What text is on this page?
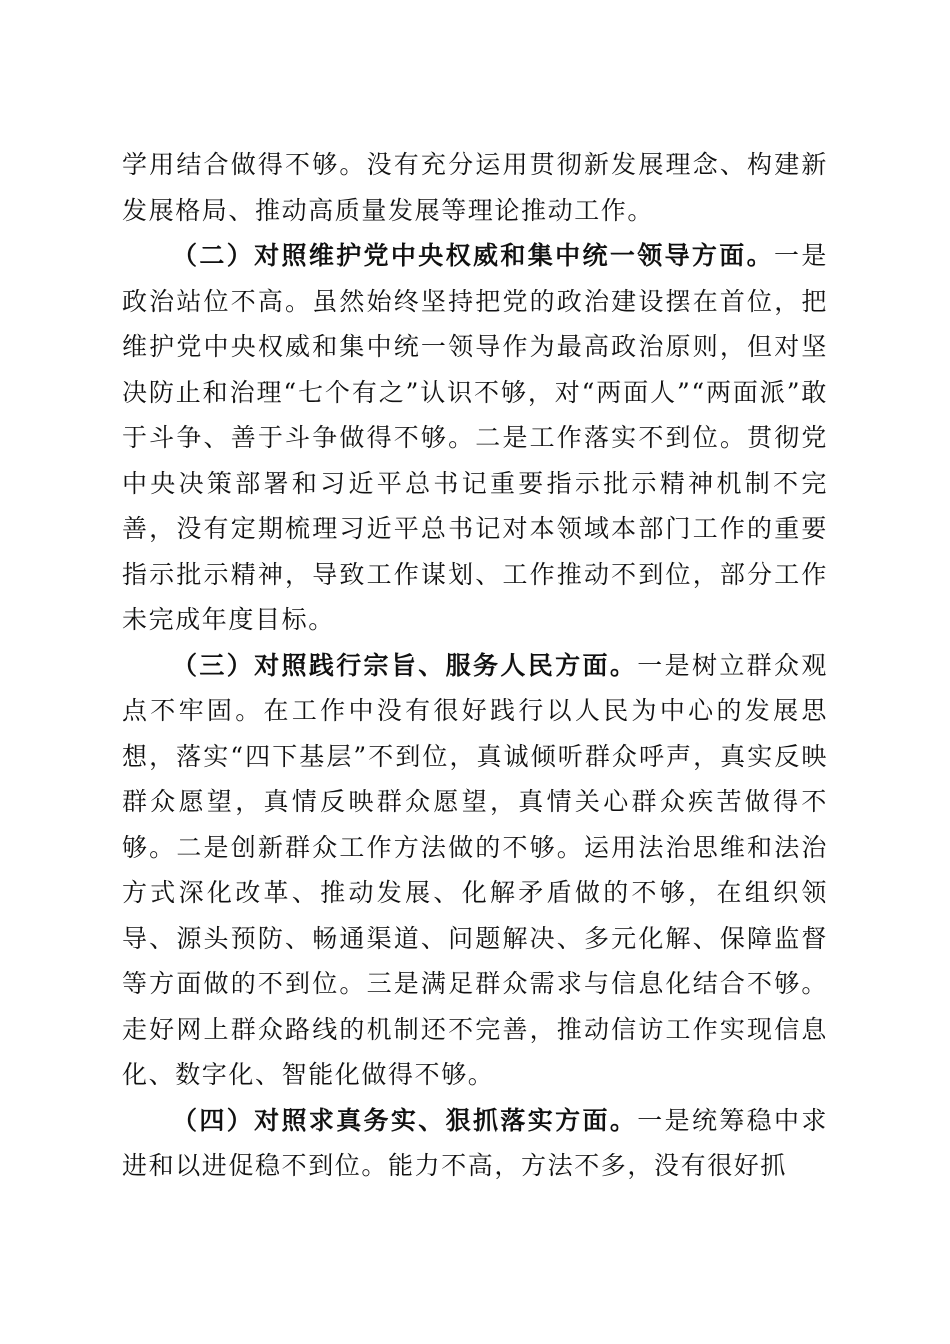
学用结合做得不够。没有充分运用贯彻新发展理念、构建新发展格局、推动高质量发展等理论推动工作。

（二）对照维护党中央权威和集中统一领导方面。一是政治站位不高。虽然始终坚持把党的政治建设摆在首位，把维护党中央权威和集中统一领导作为最高政治原则，但对坚决防止和治理“七个有之”认识不够，对“两面人”“两面派”敢于斗争、善于斗争做得不够。二是工作落实不到位。贯彻党中央决策部署和习近平总书记重要指示批示精神机制不完善，没有定期梳理习近平总书记对本领域本部门工作的重要指示批示精神，导致工作谋划、工作推动不到位，部分工作未完成年度目标。

（三）对照践行宗旨、服务人民方面。一是树立群众观点不牢固。在工作中没有很好践行以人民为中心的发展思想，落实“四下基层”不到位，真诚倾听群众呼声，真实反映群众愿望，真情反映群众愿望，真情关心群众疾苦做得不够。二是创新群众工作方法做的不够。运用法治思维和法治方式深化改革、推动发展、化解矛盾做的不够，在组织领导、源头预防、畅通渠道、问题解决、多元化解、保障监督等方面做的不到位。三是满足群众需求与信息化结合不够。走好网上群众路线的机制还不完善，推动信访工作实现信息化、数字化、智能化做得不够。

（四）对照求真务实、狠抓落实方面。一是统筹稳中求进和以进促稳不到位。能力不高，方法不多，没有很好抓
